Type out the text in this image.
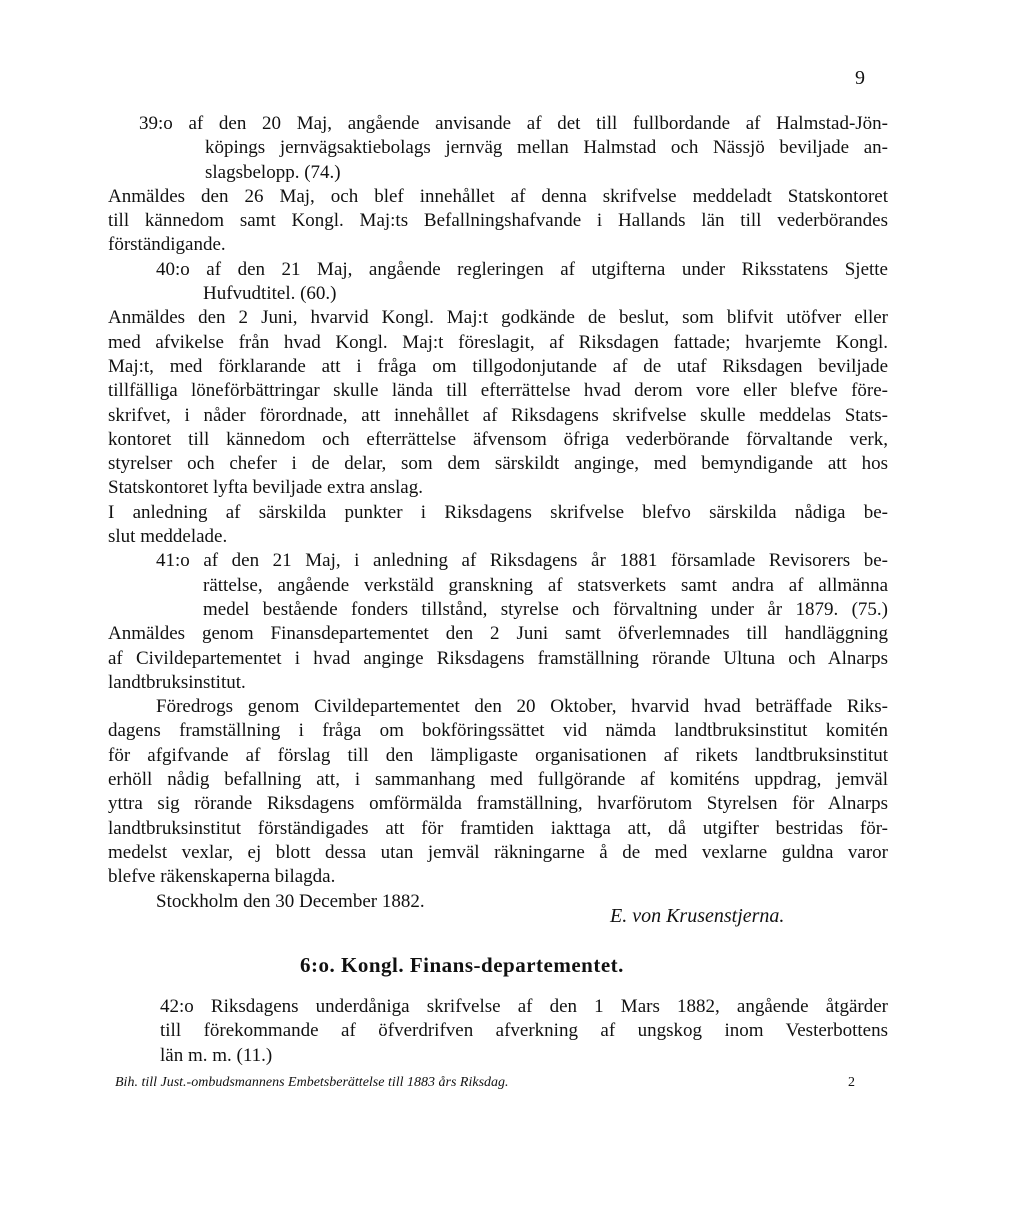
9
39:o af den 20 Maj, angående anvisande af det till fullbordande af Halmstad-Jön-
köpings jernvägsaktiebolags jernväg mellan Halmstad och Nässjö beviljade an-
slagsbelopp. (74.)
Anmäldes den 26 Maj, och blef innehållet af denna skrifvelse meddeladt Statskontoret
till kännedom samt Kongl. Maj:ts Befallningshafvande i Hallands län till vederbörandes
förständigande.
40:o af den 21 Maj, angående regleringen af utgifterna under Riksstatens Sjette
Hufvudtitel. (60.)
Anmäldes den 2 Juni, hvarvid Kongl. Maj:t godkände de beslut, som blifvit utöfver eller
med afvikelse från hvad Kongl. Maj:t föreslagit, af Riksdagen fattade; hvarjemte Kongl.
Maj:t, med förklarande att i fråga om tillgodonjutande af de utaf Riksdagen beviljade
tillfälliga löneförbättringar skulle lända till efterrättelse hvad derom vore eller blefve före-
skrifvet, i nåder förordnade, att innehållet af Riksdagens skrifvelse skulle meddelas Stats-
kontoret till kännedom och efterrättelse äfvensom öfriga vederbörande förvaltande verk,
styrelser och chefer i de delar, som dem särskildt anginge, med bemyndigande att hos
Statskontoret lyfta beviljade extra anslag.
I anledning af särskilda punkter i Riksdagens skrifvelse blefvo särskilda nådiga be-
slut meddelade.
41:o af den 21 Maj, i anledning af Riksdagens år 1881 församlade Revisorers be-
rättelse, angående verkstäld granskning af statsverkets samt andra af allmänna
medel bestående fonders tillstånd, styrelse och förvaltning under år 1879. (75.)
Anmäldes genom Finansdepartementet den 2 Juni samt öfverlemnades till handläggning
af Civildepartementet i hvad anginge Riksdagens framställning rörande Ultuna och Alnarps
landtbruksinstitut.
Föredrogs genom Civildepartementet den 20 Oktober, hvarvid hvad beträffade Riks-
dagens framställning i fråga om bokföringssättet vid nämda landtbruksinstitut komitén
för afgifvande af förslag till den lämpligaste organisationen af rikets landtbruksinstitut
erhöll nådig befallning att, i sammanhang med fullgörande af komiténs uppdrag, jemväl
yttra sig rörande Riksdagens omförmälda framställning, hvarförutom Styrelsen för Alnarps
landtbruksinstitut förständigades att för framtiden iakttaga att, då utgifter bestridas för-
medelst vexlar, ej blott dessa utan jemväl räkningarne å de med vexlarne guldna varor
blefve räkenskaperna bilagda.
Stockholm den 30 December 1882.
E. von Krusenstjerna.
6:o. Kongl. Finans-departementet.
42:o Riksdagens underdåniga skrifvelse af den 1 Mars 1882, angående åtgärder
till förekommande af öfverdrifven afverkning af ungskog inom Vesterbottens
län m. m. (11.)
Bih. till Just.-ombudsmannens Embetsberättelse till 1883 års Riksdag.	2
